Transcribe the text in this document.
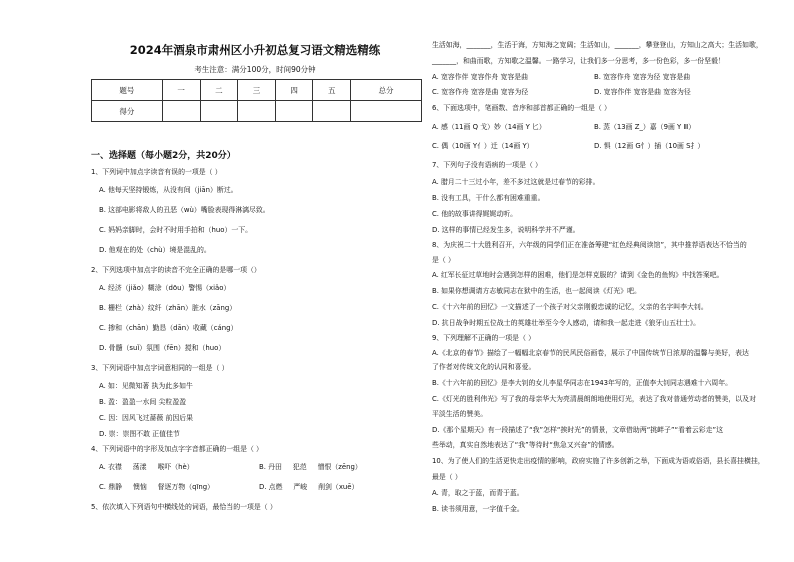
2024年酒泉市肃州区小升初总复习语文精选精练
考生注意：满分100分，时间90分钟
题号	一	二	三	四	五	总分
得分						
一、选择题（每小题2分，共20分）
1、下列词中加点字读音有误的一项是（ ）
A. 他每天坚持锻炼，从没有间（jiān）断过。
B. 这部电影将敌人的丑恶（wù）嘴脸表现得淋漓尽致。
C. 妈妈亲脚时，会时不时用手拍和（huo）一下。
D. 他观在的处（chù）境是混乱的。
2、下列选项中加点字的读音不完全正确的是哪一项（）
A. 经济（jiǎo）糊涂（dōu）警惕（xiǎo）
B. 栅栏（zhà）纹纤（zhān）脏水（zāng）
C. 掺和（chān）勤恳（dān）收藏（cáng）
D. 骨髓（suǐ）氛围（fēn）搅和（huo）
3、下列词语中加点字词意相同的一组是（ ）
A. 如：见微知著 执为此多如牛
B. 盈：盈盈一水间 尖粒盈盈
C. 因：因风飞过蔷薇 前因后果
D. 崇：崇图不敢 正值佳节
4、下列词语中的字形及加点字字音都正确的一组是（ ）
A. 衣襟 荡漾 喉吓（hè）	B. 丹田 犯范 憎恨（zēng）
C. 鼎静 懊恼 督逐万物（qīng）	D. 点燃 严峻 削剑（xuē）
5、依次填入下列语句中横线处的词语，最恰当的一项是（ ）
生活如海，_______，生活于海，方知海之宽阔；生活如山，_______，攀登登山，方知山之高大；生活如歌，
_______，和曲而歌，方知歌之温馨。一路学习，让我们多一分思考，多一份色彩，多一份坚毅！
A. 宽容作伴 宽容作舟 宽容是曲	B. 宽容作舟 宽容为径 宽容是曲
C. 宽容作舟 宽容是曲 宽容为径	D. 宽容作伴 宽容是曲 宽容为径
6、下面选项中，笔画数、音序和部首都正确的一组是（ ）
A. 感（11画 Q 戈）妙（14画 Y 匕）	B. 蒸（13画 Z_）嘉（9画 Y Ⅲ）
C. 偶（10画 Y亻）迁（14画 Y）	D. 惧（12画 G忄）插（10画 S扌）
7、下列句子没有语病的一项是（ ）
A. 腊月二十三过小年，差不多过这就是过春节的彩排。
B. 没有工具，干什么都有困难重重。
C. 他的故事讲得娓娓动听。
D. 这样的事情已经发生多，说明科学并不严谨。
8、为庆祝二十大胜利召开，六年级的同学们正在准备筹建“红色经典阅读馆”，其中推荐语表达不恰当的
是（ ）
A. 红军长征过草地时会遇到怎样的困难，他们是怎样克服的？请到《金色的鱼钩》中找答案吧。
B. 如果你想调请方志敏同志在狱中的生活，也一起阅读《灯光》吧。
C.《十六年前的回忆》一文描述了一个孩子对父亲刚毅忠诚的记忆，父亲的名字叫李大钊。
D. 抗日战争时期五位战士的英雄壮举至今令人感动，请和我一起走进《狼牙山五壮士》。
9、下列理解不正确的一项是（ ）
A.《北京的春节》描绘了一幅幅北京春节的民风民俗画卷，展示了中国传统节日浓厚的温馨与美好，表达
了作者对传统文化的认同和喜爱。
B.《十六年前的回忆》是李大钊的女儿李星华同志在1943年写的，正值李大钊同志遇难十六周年。
C.《灯光的胜利伟光》写了我的母亲华大为亮清晨朗朗地使用灯光，表达了我对普通劳动者的赞美，以及对
平淡生活的赞美。
D.《那个星期天》有一段描述了“我”怎样“挨时光”的情景，文章借助两“挑衅子”“看着云彩走”这
些举动，真实自然地表达了“我”等待时“焦急又兴奋”的情感。
10、为了使人们的生活更快走出疫情的影响，政府实施了许多创新之举，下面成为语或俗语，县长喜挂横挂，
最是（ ）
A. 青，取之于蓝，而青于蓝。
B. 读书须用意，一字值千金。
